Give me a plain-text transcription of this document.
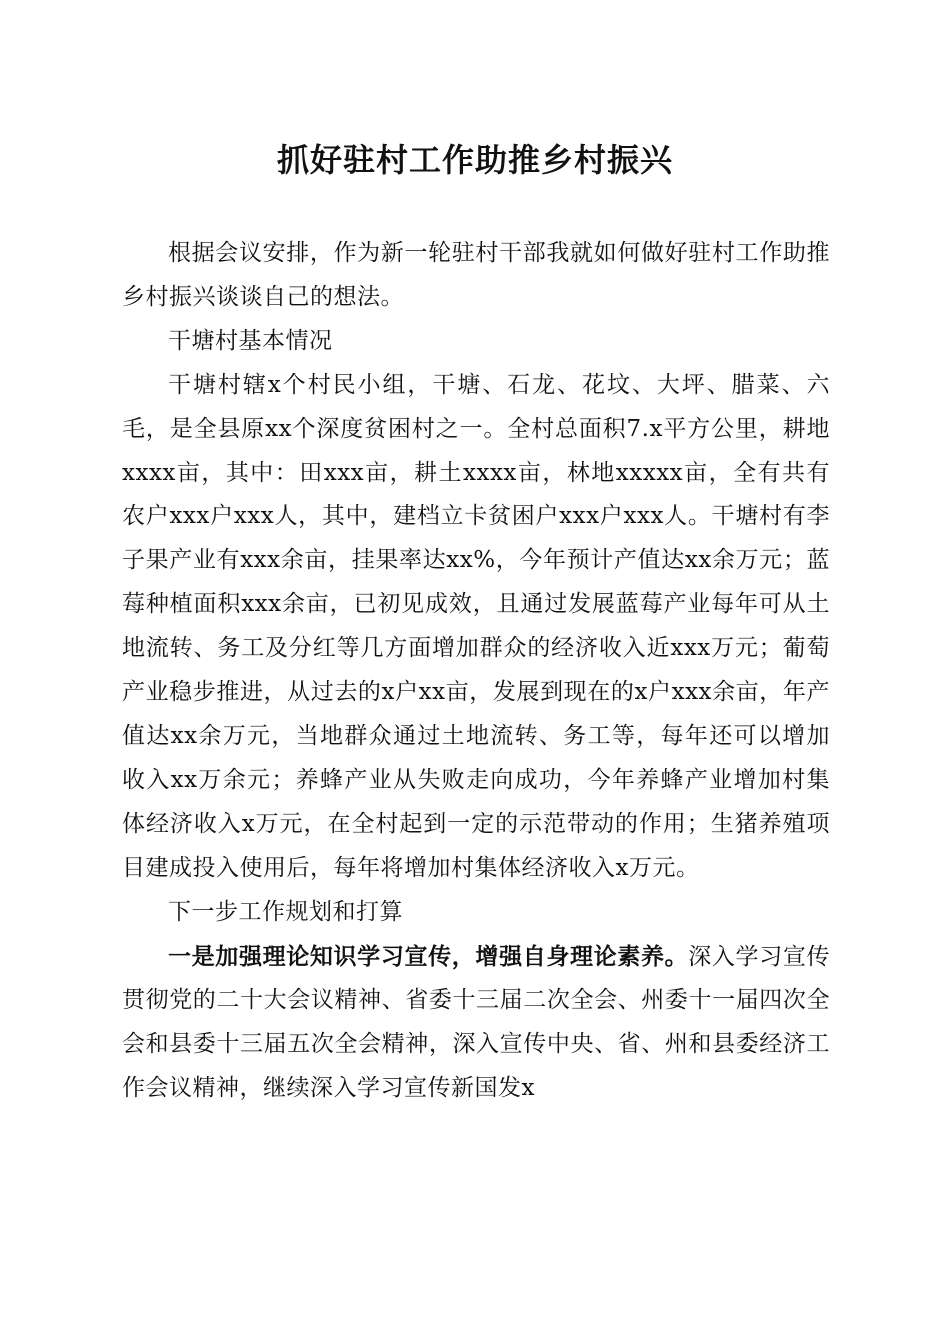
抓好驻村工作助推乡村振兴

根据会议安排，作为新一轮驻村干部我就如何做好驻村工作助推乡村振兴谈谈自己的想法。

干塘村基本情况

干塘村辖x个村民小组，干塘、石龙、花坟、大坪、腊菜、六毛，是全县原xx个深度贫困村之一。全村总面积7.x平方公里，耕地xxxx亩，其中：田xxx亩，耕土xxxx亩，林地xxxxx亩，全有共有农户xxx户xxx人，其中，建档立卡贫困户xxx户xxx人。干塘村有李子果产业有xxx余亩，挂果率达xx%，今年预计产值达xx余万元；蓝莓种植面积xxx余亩，已初见成效，且通过发展蓝莓产业每年可从土地流转、务工及分红等几方面增加群众的经济收入近xxx万元；葡萄产业稳步推进，从过去的x户xx亩，发展到现在的x户xxx余亩，年产值达xx余万元，当地群众通过土地流转、务工等，每年还可以增加收入xx万余元；养蜂产业从失败走向成功，今年养蜂产业增加村集体经济收入x万元，在全村起到一定的示范带动的作用；生猪养殖项目建成投入使用后，每年将增加村集体经济收入x万元。

下一步工作规划和打算

一是加强理论知识学习宣传，增强自身理论素养。深入学习宣传贯彻党的二十大会议精神、省委十三届二次全会、州委十一届四次全会和县委十三届五次全会精神，深入宣传中央、省、州和县委经济工作会议精神，继续深入学习宣传新国发x
